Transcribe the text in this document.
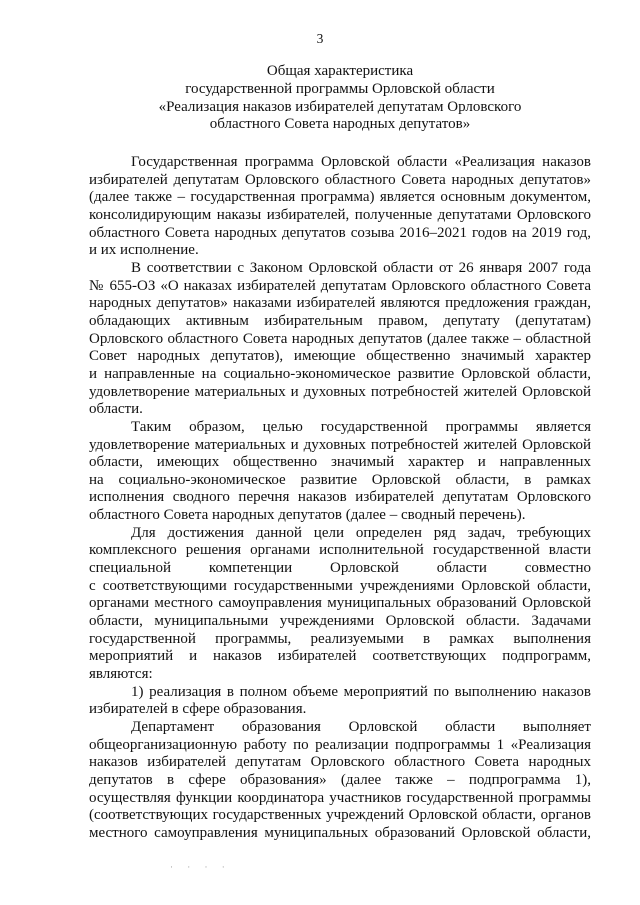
3
Общая характеристика
государственной программы Орловской области
«Реализация наказов избирателей депутатам Орловского
областного Совета народных депутатов»
Государственная программа Орловской области «Реализация наказов
избирателей депутатам Орловского областного Совета народных депутатов»
(далее также – государственная программа) является основным документом,
консолидирующим наказы избирателей, полученные депутатами Орловского
областного Совета народных депутатов созыва 2016–2021 годов на 2019 год,
и их исполнение.
В соответствии с Законом Орловской области от 26 января 2007 года
№ 655-ОЗ «О наказах избирателей депутатам Орловского областного Совета
народных депутатов» наказами избирателей являются предложения граждан,
обладающих активным избирательным правом, депутату (депутатам)
Орловского областного Совета народных депутатов (далее также – областной
Совет народных депутатов), имеющие общественно значимый характер
и направленные на социально-экономическое развитие Орловской области,
удовлетворение материальных и духовных потребностей жителей Орловской
области.
Таким образом, целью государственной программы является
удовлетворение материальных и духовных потребностей жителей Орловской
области, имеющих общественно значимый характер и направленных
на социально-экономическое развитие Орловской области, в рамках
исполнения сводного перечня наказов избирателей депутатам Орловского
областного Совета народных депутатов (далее – сводный перечень).
Для достижения данной цели определен ряд задач, требующих
комплексного решения органами исполнительной государственной власти
специальной компетенции Орловской области совместно
с соответствующими государственными учреждениями Орловской области,
органами местного самоуправления муниципальных образований Орловской
области, муниципальными учреждениями Орловской области. Задачами
государственной программы, реализуемыми в рамках выполнения
мероприятий и наказов избирателей соответствующих подпрограмм,
являются:
1) реализация в полном объеме мероприятий по выполнению наказов
избирателей в сфере образования.
Департамент образования Орловской области выполняет
общеорганизационную работу по реализации подпрограммы 1 «Реализация
наказов избирателей депутатам Орловского областного Совета народных
депутатов в сфере образования» (далее также – подпрограмма 1),
осуществляя функции координатора участников государственной программы
(соответствующих государственных учреждений Орловской области, органов
местного самоуправления муниципальных образований Орловской области,
· · · ·
